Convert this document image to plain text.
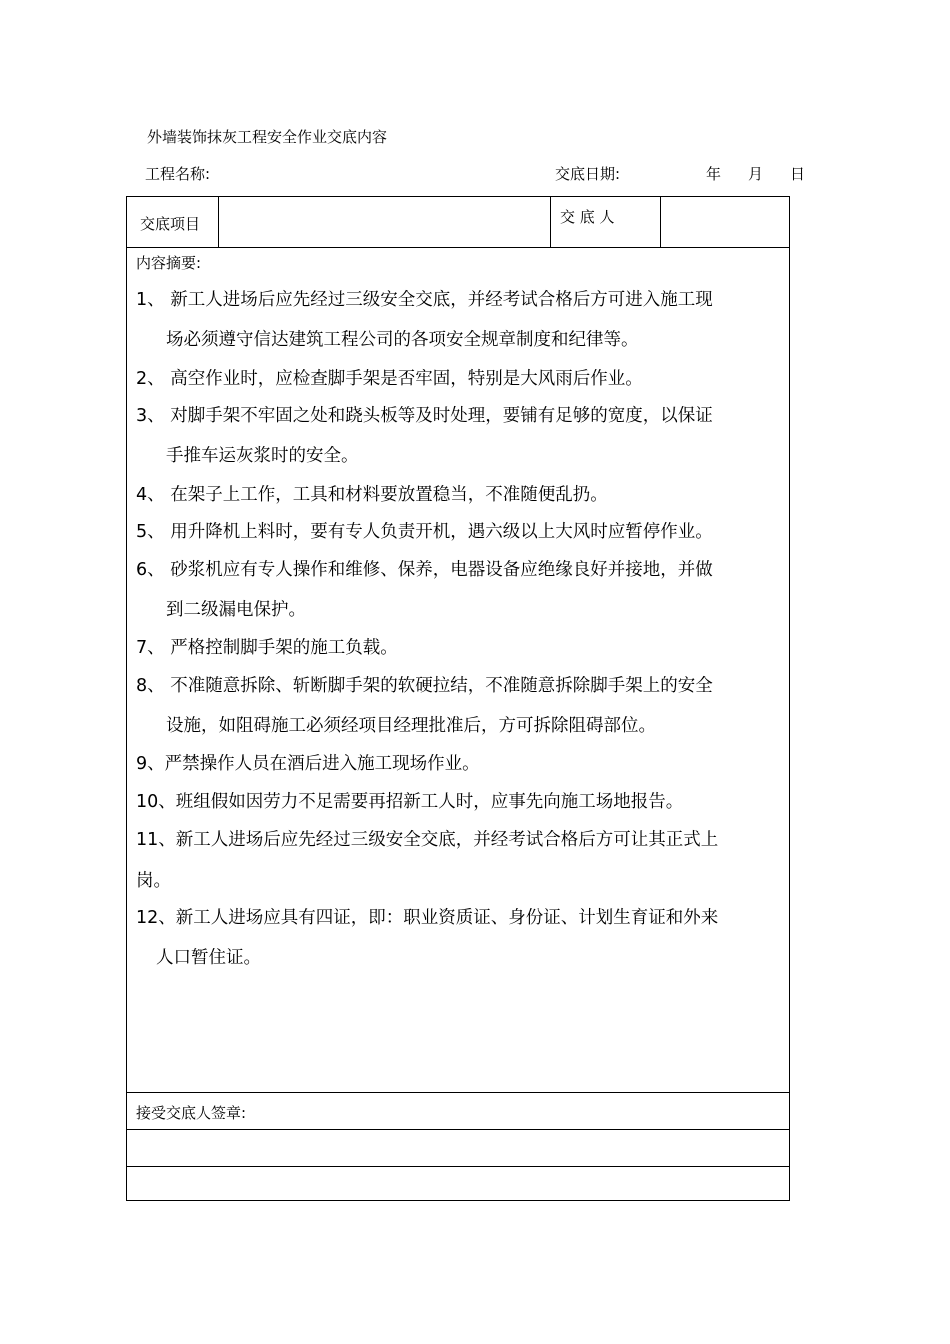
外墙装饰抹灰工程安全作业交底内容
工程名称:	交底日期:	年 月 日
交底项目	交 底 人
内容摘要:
1、 新工人进场后应先经过三级安全交底，并经考试合格后方可进入施工现
场必须遵守信达建筑工程公司的各项安全规章制度和纪律等。
2、 高空作业时，应检查脚手架是否牢固，特别是大风雨后作业。
3、 对脚手架不牢固之处和跷头板等及时处理，要铺有足够的宽度，以保证
手推车运灰浆时的安全。
4、 在架子上工作，工具和材料要放置稳当，不准随便乱扔。
5、 用升降机上料时，要有专人负责开机，遇六级以上大风时应暂停作业。
6、 砂浆机应有专人操作和维修、保养，电器设备应绝缘良好并接地，并做
到二级漏电保护。
7、 严格控制脚手架的施工负载。
8、 不准随意拆除、斩断脚手架的软硬拉结，不准随意拆除脚手架上的安全
设施，如阻碍施工必须经项目经理批准后，方可拆除阻碍部位。
9、严禁操作人员在酒后进入施工现场作业。
10、班组假如因劳力不足需要再招新工人时，应事先向施工场地报告。
11、新工人进场后应先经过三级安全交底，并经考试合格后方可让其正式上
岗。
12、新工人进场应具有四证，即：职业资质证、身份证、计划生育证和外来
人口暂住证。
接受交底人签章:
